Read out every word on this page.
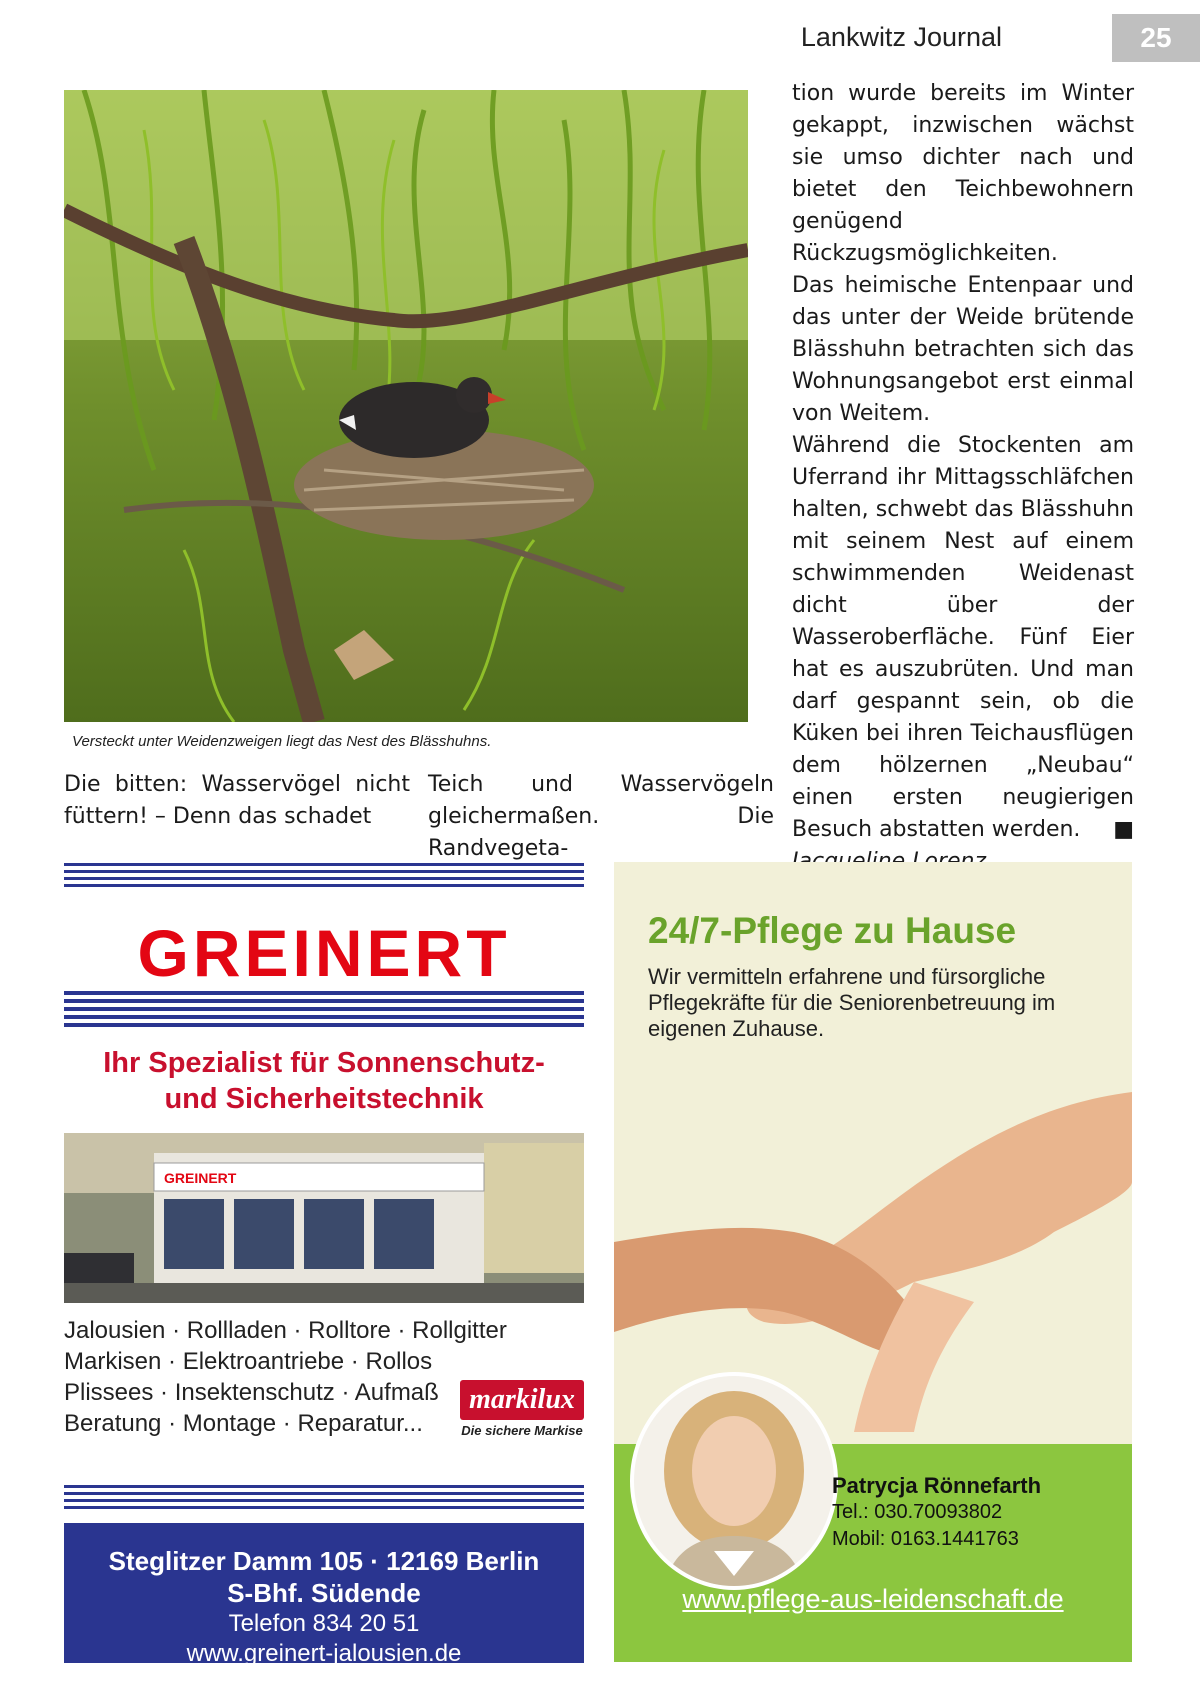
Lankwitz Journal	25
Versteckt unter Weidenzweigen liegt das Nest des Blässhuhns.
Die bitten: Wasservögel nicht füttern! – Denn das schadet
Teich und Wasservögeln gleichermaßen. Die Randvegeta-

tion wurde bereits im Winter gekappt, inzwischen wächst sie umso dichter nach und bietet den Teichbewohnern genügend Rückzugsmöglichkeiten.

Das heimische Entenpaar und das unter der Weide brütende Blässhuhn betrachten sich das Wohnungsangebot erst einmal von Weitem.

Während die Stockenten am Uferrand ihr Mittagsschläfchen halten, schwebt das Blässhuhn mit seinem Nest auf einem schwimmenden Weidenast dicht über der Wasseroberfläche. Fünf Eier hat es auszubrüten. Und man darf gespannt sein, ob die Küken bei ihren Teichausflügen dem hölzernen „Neubau“ einen ersten neugierigen Besuch abstatten werden. ■

GREINERT
Ihr Spezialist für Sonnenschutz-
und Sicherheitstechnik
GREINERT
Jalousien · Rollladen · Rolltore · Rollgitter
Markisen · Elektroantriebe · Rollos
Plissees · Insektenschutz · Aufmaß
Beratung · Montage · Reparatur...
markilux
Die sichere Markise
Steglitzer Damm 105 · 12169 Berlin
S-Bhf. Südende
Telefon 834 20 51
www.greinert-jalousien.de
24/7-Pflege zu Hause
Wir vermitteln erfahrene und fürsorgliche Pflegekräfte für die Seniorenbetreuung im eigenen Zuhause.
Patrycja Rönnefarth
Tel.: 030.70093802
Mobil: 0163.1441763
www.pflege-aus-leidenschaft.de
